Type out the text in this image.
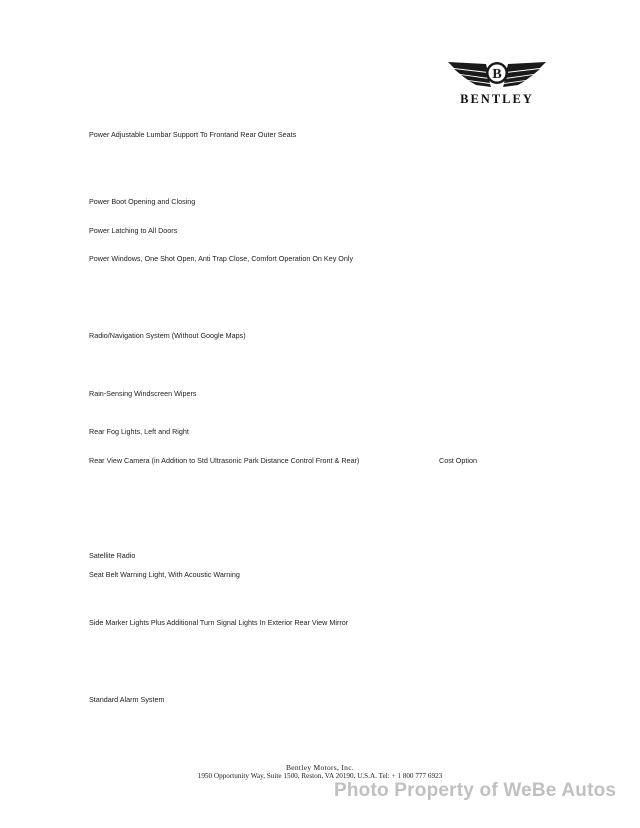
B
BENTLEY
Power Adjustable Lumbar Support To Frontand Rear Outer Seats
Power Boot Opening and Closing
Power Latching to All Doors
Power Windows, One Shot Open, Anti Trap Close, Comfort Operation On Key Only
Radio/Navigation System (Without Google Maps)
Rain-Sensing Windscreen Wipers
Rear Fog Lights, Left and Right
Rear View Camera (in Addition to Std Ultrasonic Park Distance Control Front & Rear)	Cost Option
Satellite Radio
Seat Belt Warning Light, With Acoustic Warning
Side Marker Lights Plus Additional Turn Signal Lights In Exterior Rear View Mirror
Standard Alarm System
Bentley Motors, Inc.
1950 Opportunity Way, Suite 1500, Reston, VA 20190, U.S.A. Tel: + 1 800 777 6923
Photo Property of WeBe Autos
